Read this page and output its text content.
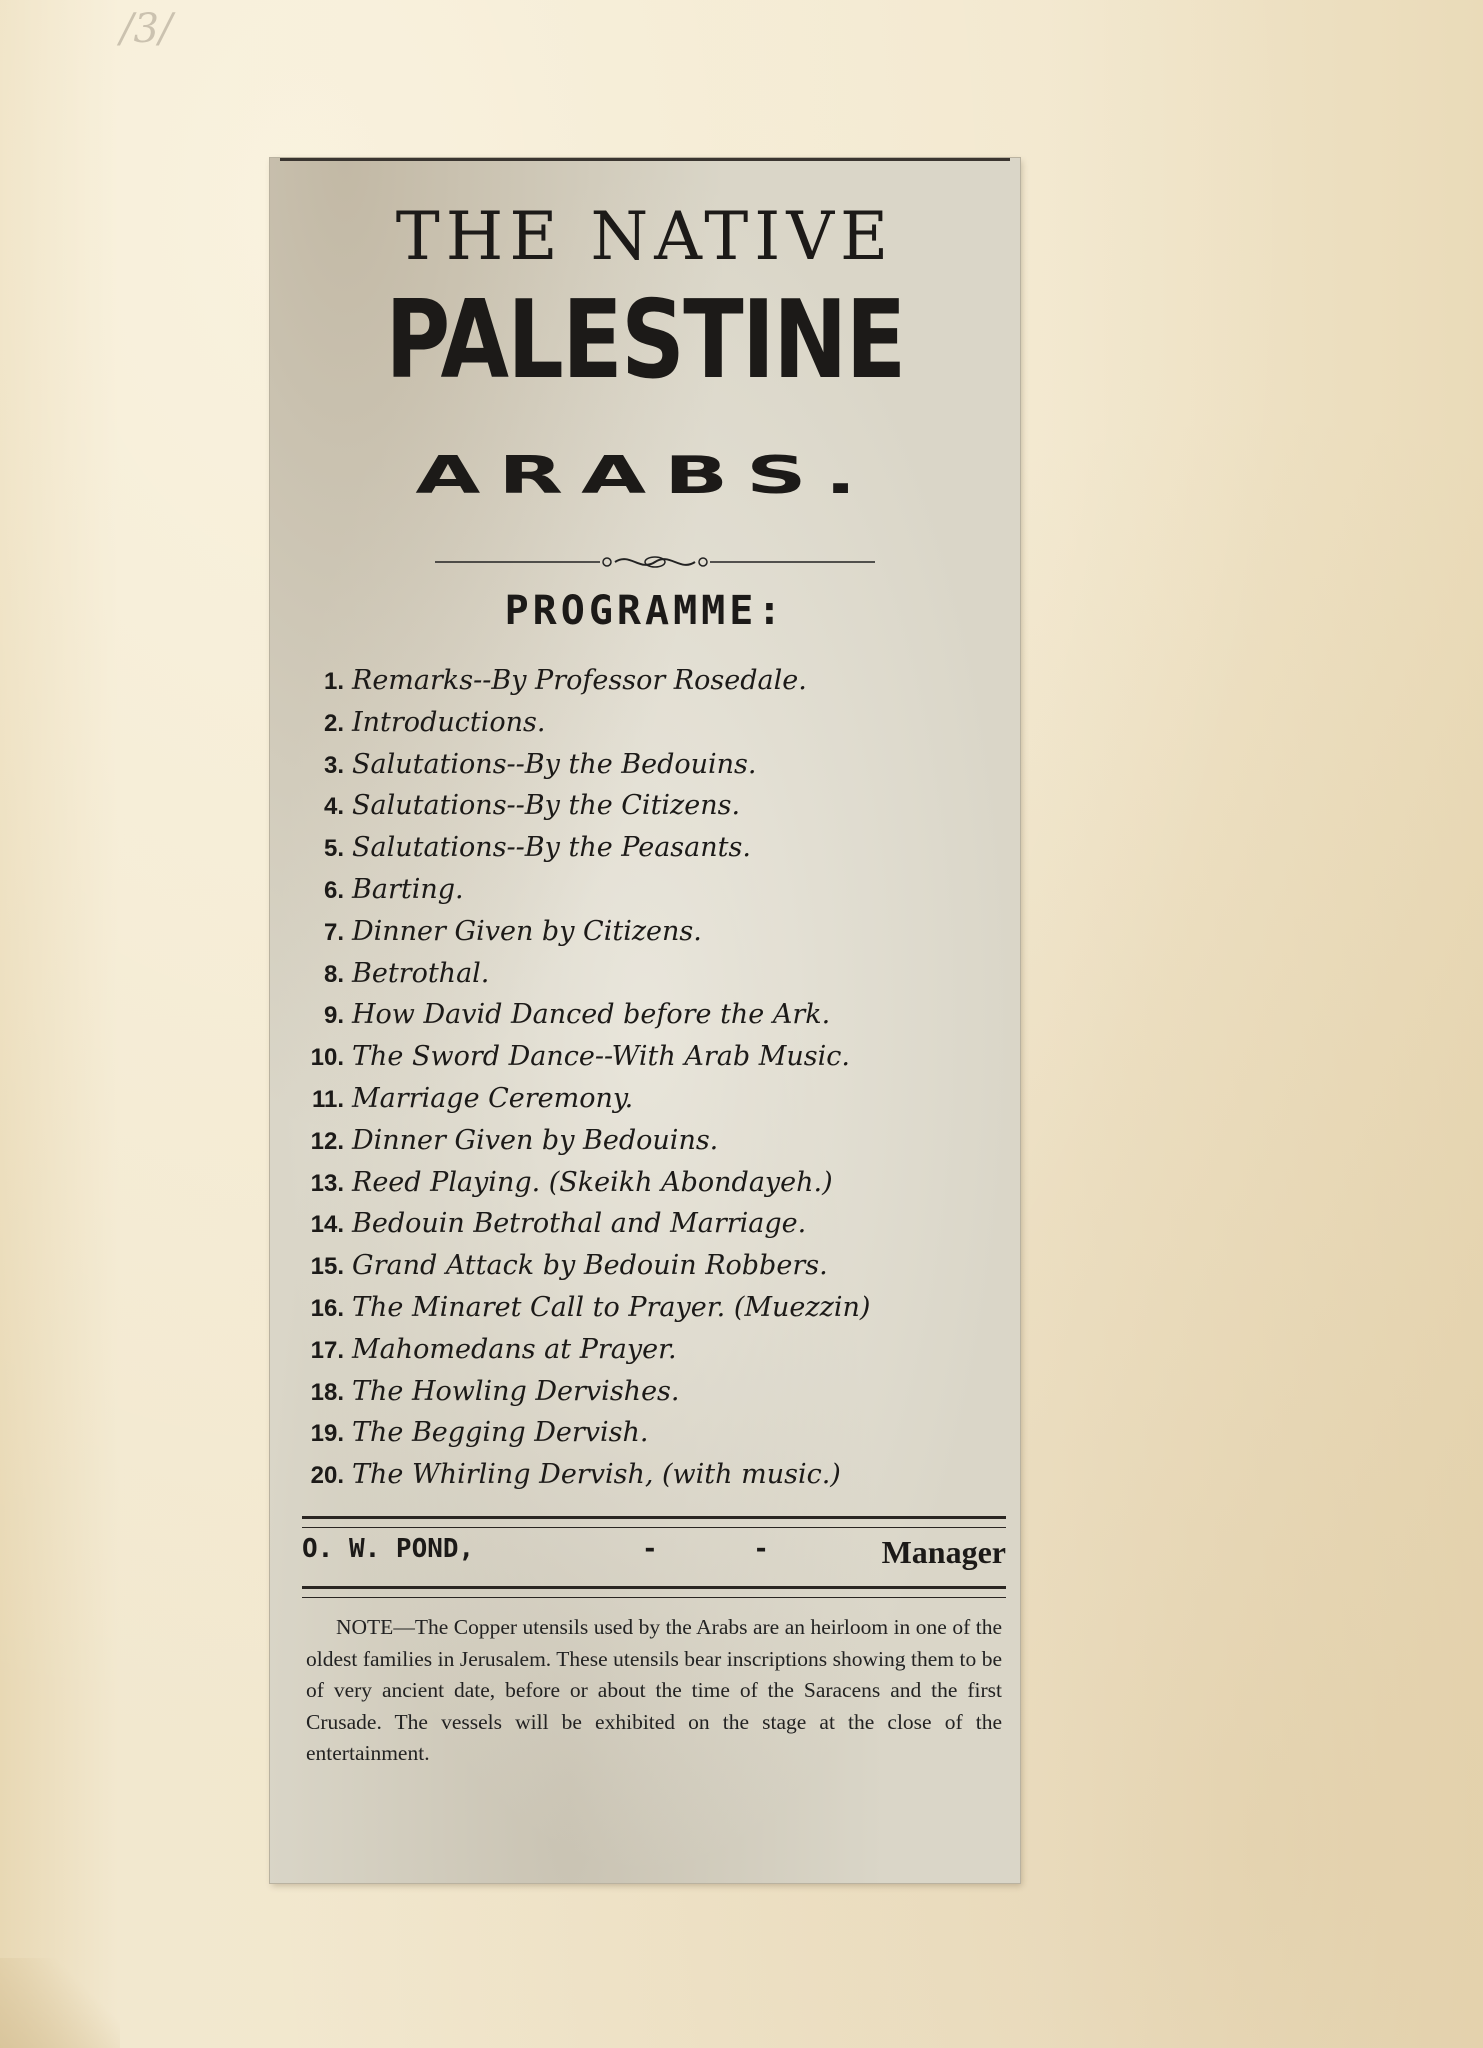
/3/
THE NATIVE
PALESTINE
ARABS.
PROGRAMME:
1. Remarks--By Professor Rosedale.
2. Introductions.
3. Salutations--By the Bedouins.
4. Salutations--By the Citizens.
5. Salutations--By the Peasants.
6. Barting.
7. Dinner Given by Citizens.
8. Betrothal.
9. How David Danced before the Ark.
10. The Sword Dance--With Arab Music.
11. Marriage Ceremony.
12. Dinner Given by Bedouins.
13. Reed Playing. (Skeikh Abondayeh.)
14. Bedouin Betrothal and Marriage.
15. Grand Attack by Bedouin Robbers.
16. The Minaret Call to Prayer. (Muezzin)
17. Mahomedans at Prayer.
18. The Howling Dervishes.
19. The Begging Dervish.
20. The Whirling Dervish, (with music.)
O. W. POND,	- - Manager
NOTE—The Copper utensils used by the Arabs are an heirloom in one of the oldest families in Jerusalem. These utensils bear inscriptions showing them to be of very ancient date, before or about the time of the Saracens and the first Crusade. The vessels will be exhibited on the stage at the close of the entertainment.
